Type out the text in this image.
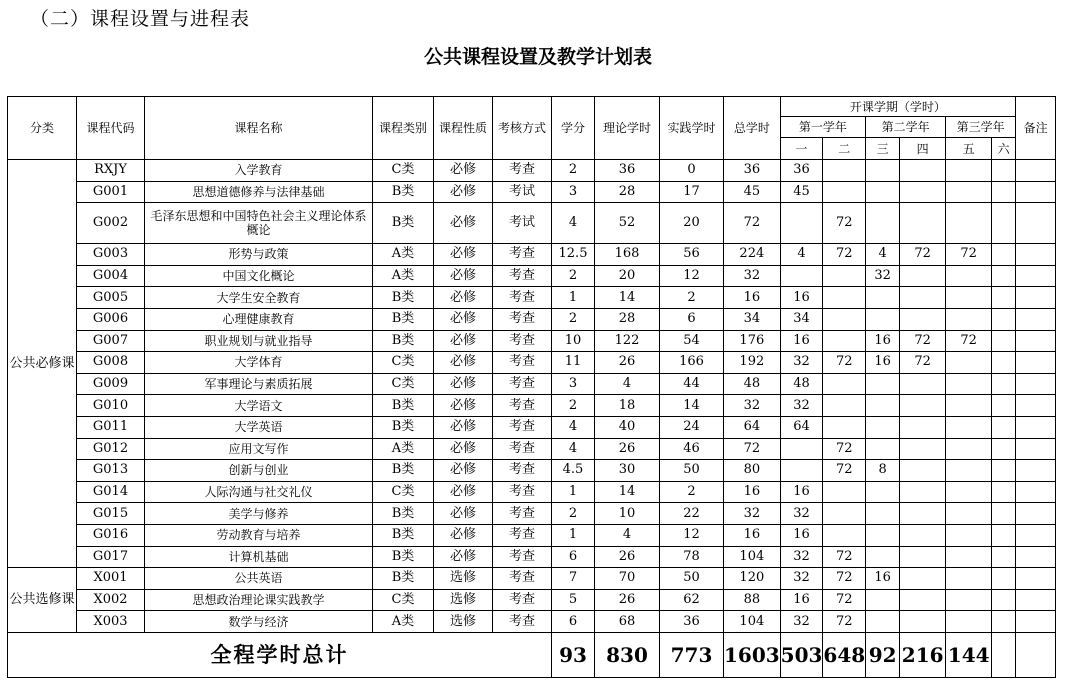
（二）课程设置与进程表
公共课程设置及教学计划表
分类	课程代码	课程名称	课程类别	课程性质	考核方式	学分	理论学时	实践学时	总学时	开课学期（学时）						备注
										第一学年		第二学年		第三学年		
										一	二	三	四	五	六	
公共必修课	RXJY	入学教育	C类	必修	考查	2	36	0	36	36						
	G001	思想道德修养与法律基础	B类	必修	考试	3	28	17	45	45						
	G002	毛泽东思想和中国特色社会主义理论体系概论	B类	必修	考试	4	52	20	72		72					
	G003	形势与政策	A类	必修	考查	12.5	168	56	224	4	72	4	72	72		
	G004	中国文化概论	A类	必修	考查	2	20	12	32			32				
	G005	大学生安全教育	B类	必修	考查	1	14	2	16	16						
	G006	心理健康教育	B类	必修	考查	2	28	6	34	34						
	G007	职业规划与就业指导	B类	必修	考查	10	122	54	176	16		16	72	72		
	G008	大学体育	C类	必修	考查	11	26	166	192	32	72	16	72			
	G009	军事理论与素质拓展	C类	必修	考查	3	4	44	48	48						
	G010	大学语文	B类	必修	考查	2	18	14	32	32						
	G011	大学英语	B类	必修	考查	4	40	24	64	64						
	G012	应用文写作	A类	必修	考查	4	26	46	72		72					
	G013	创新与创业	B类	必修	考查	4.5	30	50	80		72	8				
	G014	人际沟通与社交礼仪	C类	必修	考查	1	14	2	16	16						
	G015	美学与修养	B类	必修	考查	2	10	22	32	32						
	G016	劳动教育与培养	B类	必修	考查	1	4	12	16	16						
	G017	计算机基础	B类	必修	考查	6	26	78	104	32	72					
公共选修课	X001	公共英语	B类	选修	考查	7	70	50	120	32	72	16				
	X002	思想政治理论课实践教学	C类	选修	考查	5	26	62	88	16	72					
	X003	数学与经济	A类	选修	考查	6	68	36	104	32	72					
全程学时总计						93	830	773	1603	503	648	92	216	144		
